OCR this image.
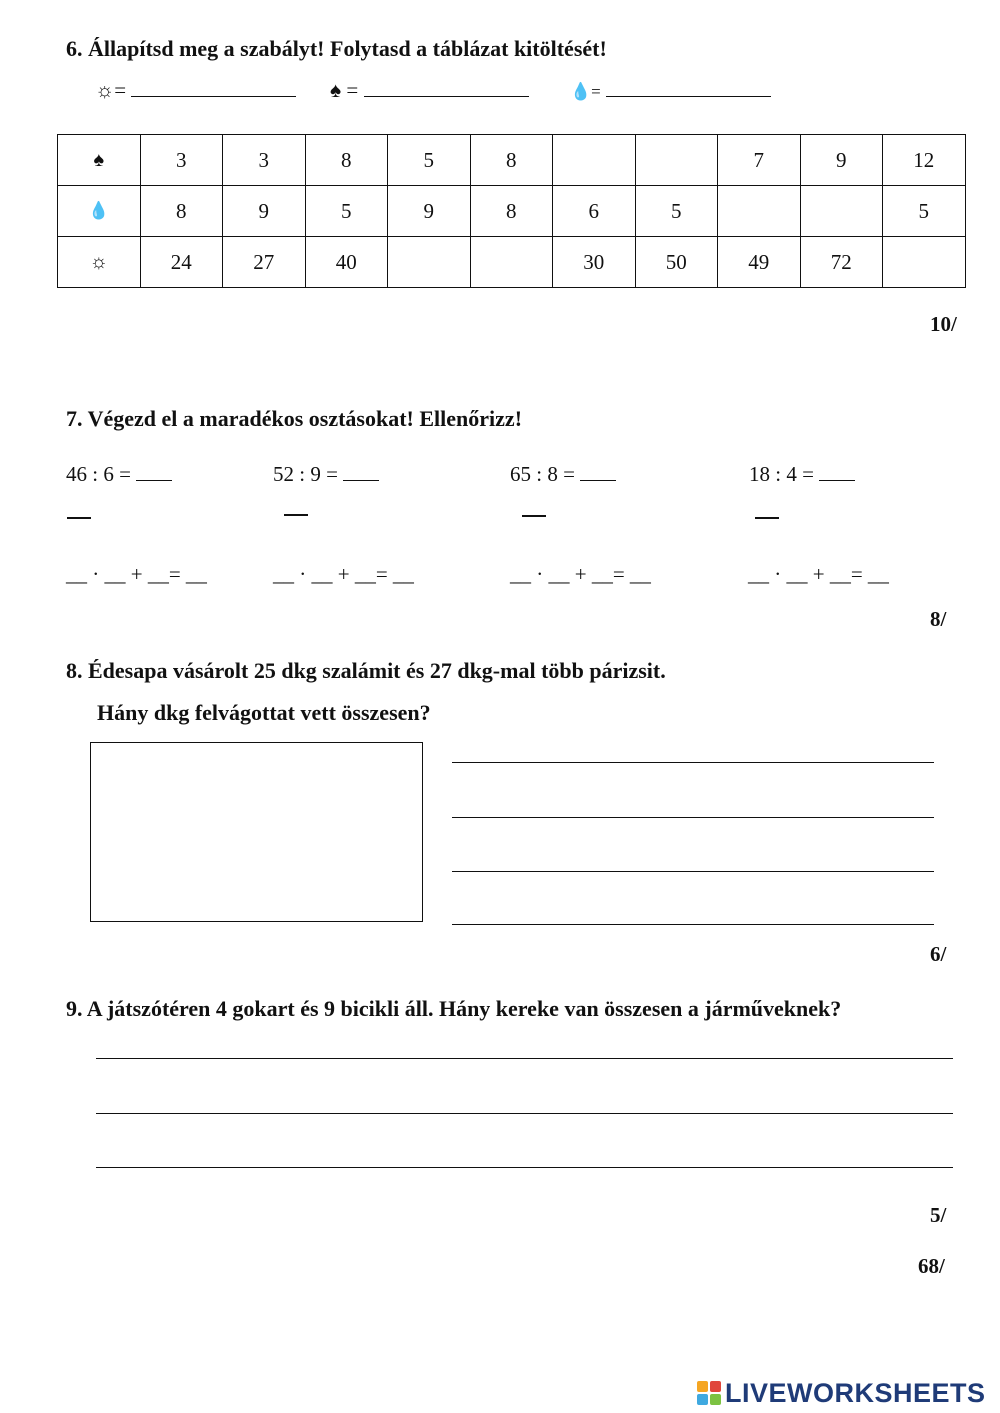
6. Állapítsd meg a szabályt! Folytasd a táblázat kitöltését!
☼=	♠ =	💧=
♠	3	3	8	5	8			7	9	12
💧	8	9	5	9	8	6	5			5
☼	24	27	40			30	50	49	72	
10/
7. Végezd el a maradékos osztásokat! Ellenőrizz!
46 : 6 =	52 : 9 =	65 : 8 =	18 : 4 =
__ · __ + __= __	__ · __ + __= __	__ · __ + __= __	__ · __ + __= __
8/
8. Édesapa vásárolt 25 dkg szalámit és 27 dkg-mal több párizsit.
Hány dkg felvágottat vett összesen?
6/
9. A játszótéren 4 gokart és 9 bicikli áll. Hány kereke van összesen a járműveknek?
5/
68/
LIVEWORKSHEETS
